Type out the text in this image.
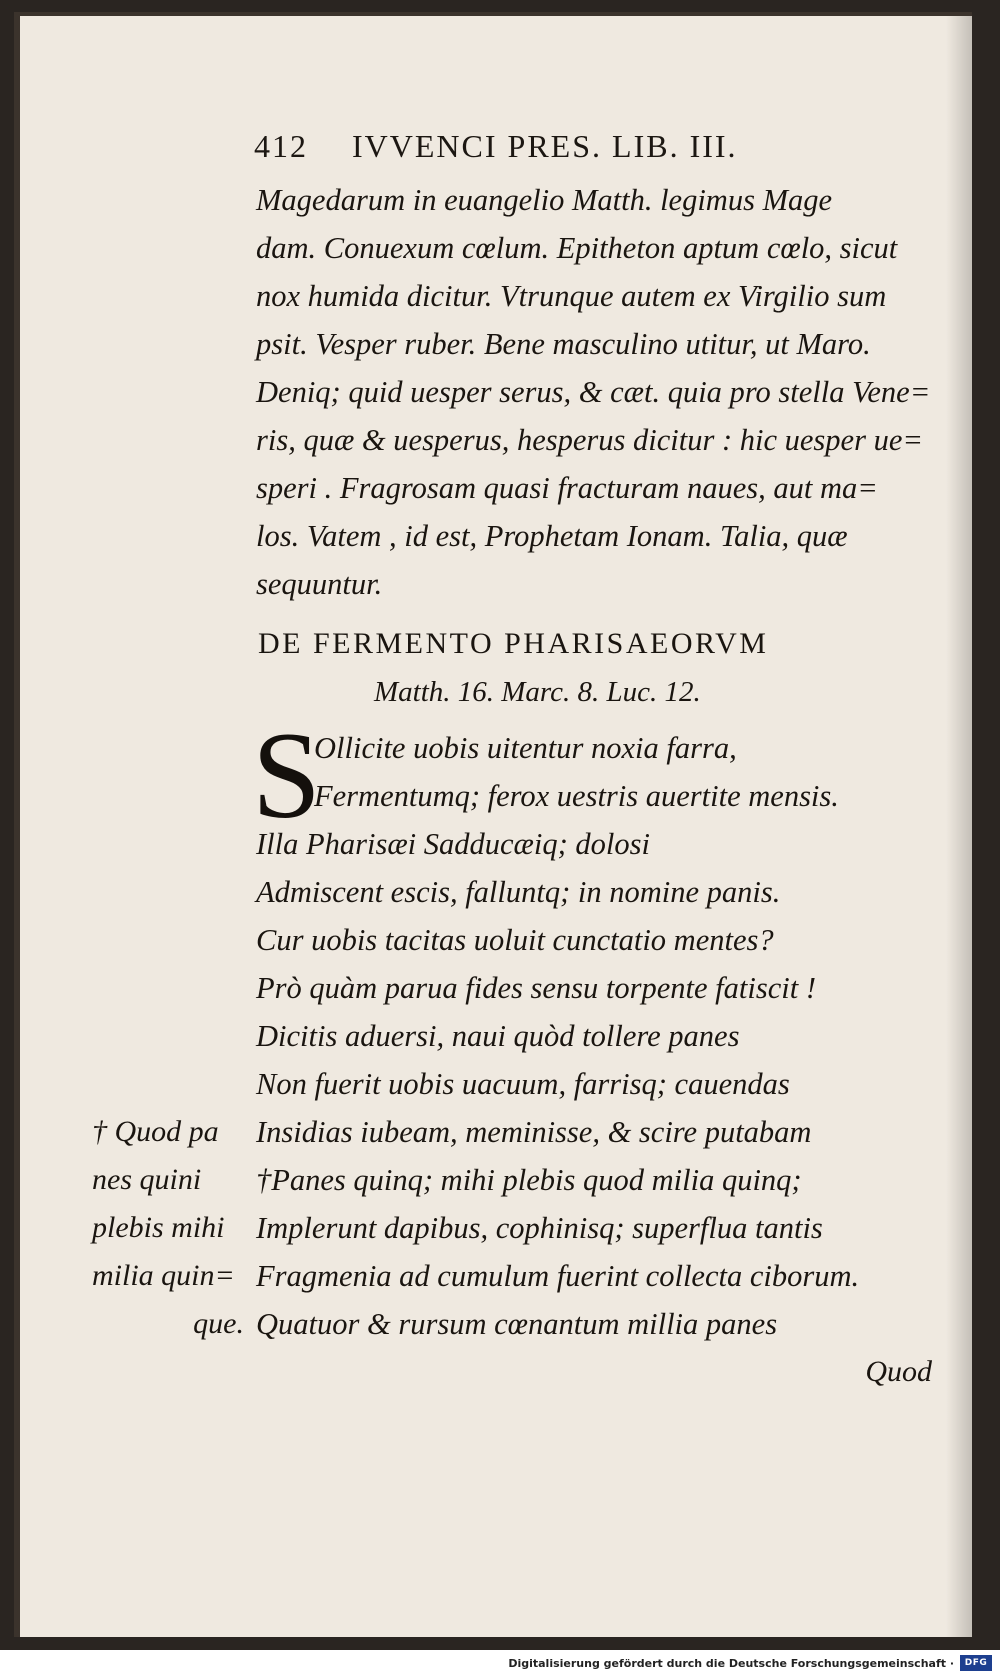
412 IVVENCI PRES. LIB. III.
Magedarum in euangelio Matth. legimus Mage
dam. Conuexum cœlum. Epitheton aptum cœlo, sicut
nox humida dicitur. Vtrunque autem ex Virgilio sum
psit. Vesper ruber. Bene masculino utitur, ut Maro.
Deniq; quid uesper serus, & cæt. quia pro stella Vene=
ris, quæ & uesperus, hesperus dicitur : hic uesper ue=
speri . Fragrosam quasi fracturam naues, aut ma=
los. Vatem , id est, Prophetam Ionam. Talia, quæ
sequuntur.
DE FERMENTO PHARISAEORVM
Matth. 16. Marc. 8. Luc. 12.
S
Ollicite uobis uitentur noxia farra,
Fermentumq; ferox uestris auertite mensis.
Illa Pharisæi Sadducæiq; dolosi
Admiscent escis, falluntq; in nomine panis.
Cur uobis tacitas uoluit cunctatio mentes?
Prò quàm parua fides sensu torpente fatiscit !
Dicitis aduersi, naui quòd tollere panes
Non fuerit uobis uacuum, farrisq; cauendas
Insidias iubeam, meminisse, & scire putabam
†Panes quinq; mihi plebis quod milia quinq;
Implerunt dapibus, cophinisq; superflua tantis
Fragmenia ad cumulum fuerint collecta ciborum.
Quatuor & rursum cœnantum millia panes
† Quod pa
nes quini
plebis mihi
milia quin=
que.
Quod
Digitalisierung gefördert durch die Deutsche Forschungsgemeinschaft ·	DFG
